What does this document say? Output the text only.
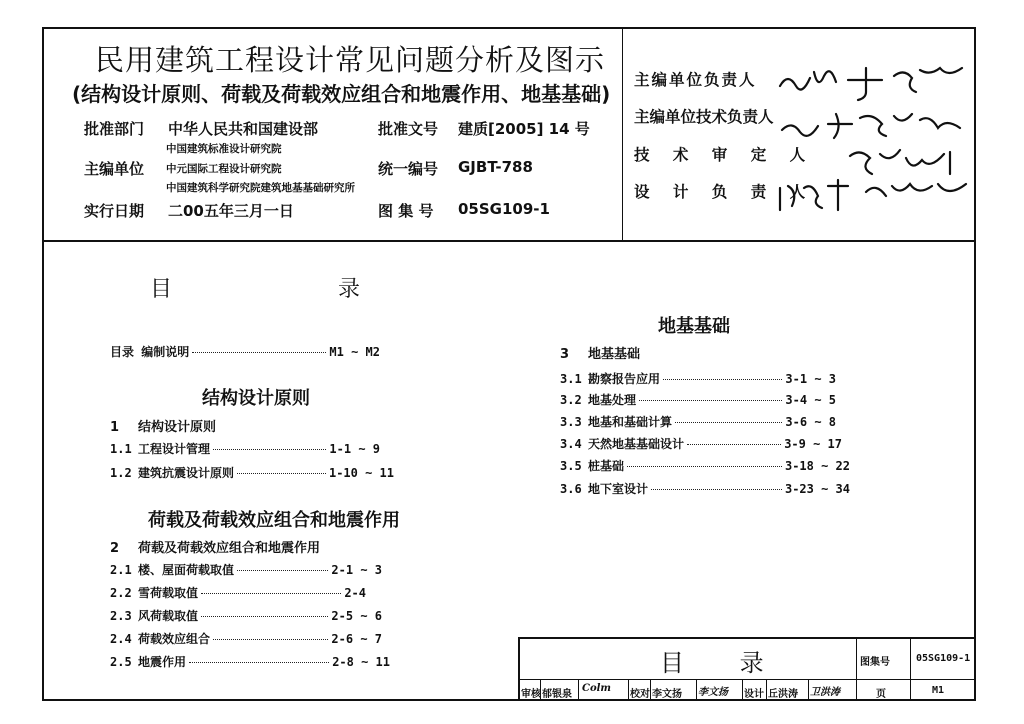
民用建筑工程设计常见问题分析及图示
(结构设计原则、荷载及荷载效应组合和地震作用、地基基础)
批准部门 中华人民共和国建设部	批准文号 建质[2005] 14 号
主编单位
中国建筑标准设计研究院
中元国际工程设计研究院
中国建筑科学研究院建筑地基基础研究所
统一编号 GJBT-788
实行日期 二00五年三月一日	图 集 号 05SG109-1
主编单位负责人
主编单位技术负责人
技 术 审 定 人
设 计 负 责 人
目	录
目录 编制说明	M1 ~ M2
结构设计原则
1 结构设计原则
1.1 工程设计管理	1-1 ~ 9
1.2 建筑抗震设计原则	1-10 ~ 11
荷载及荷载效应组合和地震作用
2 荷载及荷载效应组合和地震作用
2.1 楼、屋面荷载取值	2-1 ~ 3
2.2 雪荷载取值	2-4
2.3 风荷载取值	2-5 ~ 6
2.4 荷载效应组合	2-6 ~ 7
2.5 地震作用	2-8 ~ 11
地基基础
3 地基基础
3.1 勘察报告应用	3-1 ~ 3
3.2 地基处理	3-4 ~ 5
3.3 地基和基础计算	3-6 ~ 8
3.4 天然地基基础设计	3-9 ~ 17
3.5 桩基础	3-18 ~ 22
3.6 地下室设计	3-23 ~ 34
目 录	图集号	05SG109-1
审核 郁银泉
Colm
校对 李文扬 李文扬 设计 丘洪涛 卫洪涛	页	M1
